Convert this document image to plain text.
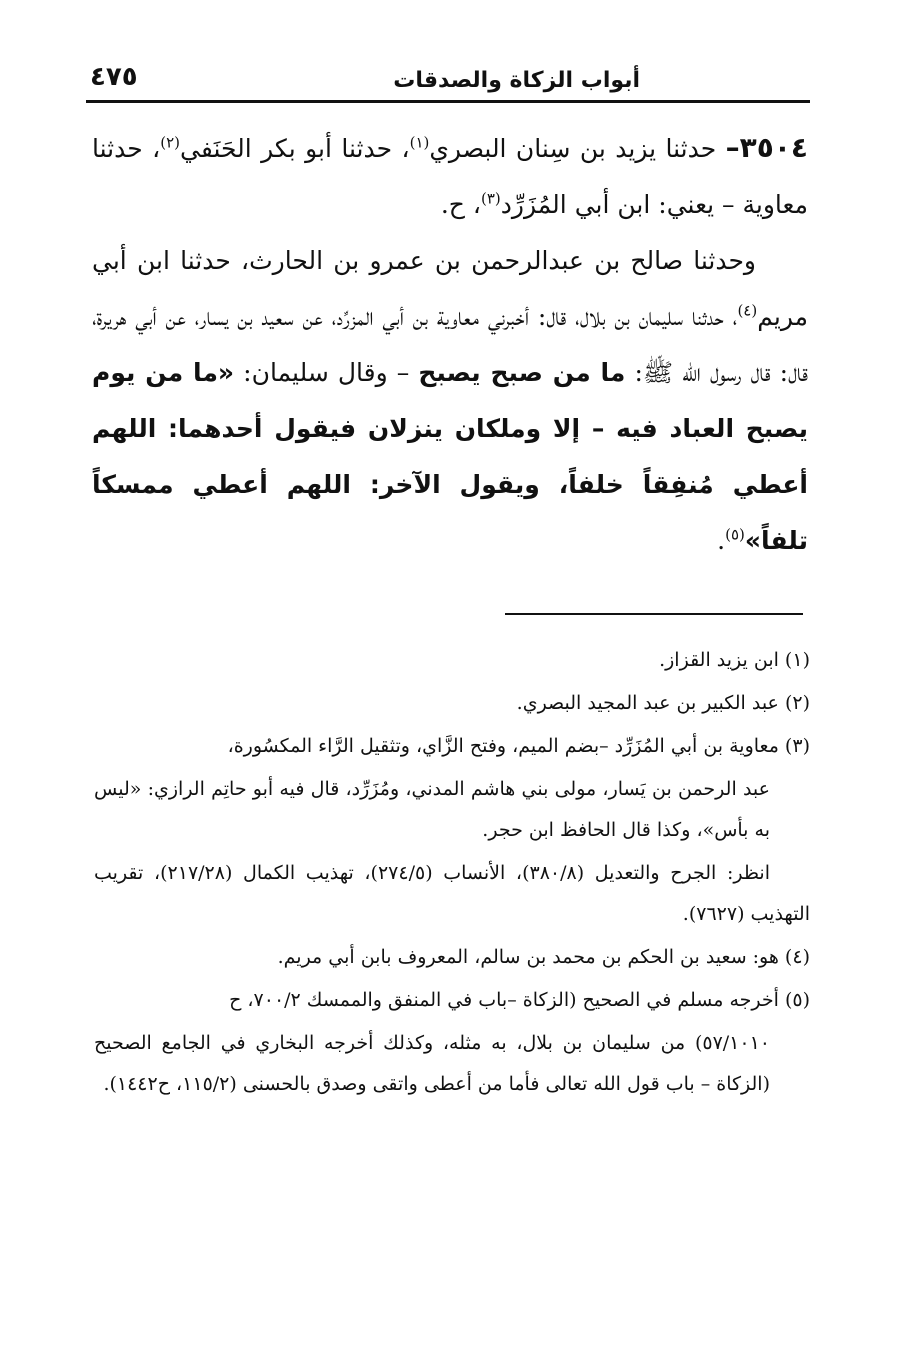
أبواب الزكاة والصدقات
٤٧٥

٣٥٠٤– حدثنا يزيد بن سِنان البصري$^{(١)}$، حدثنا أبو بكر الحَنَفي$^{(٢)}$، حدثنا معاوية – يعني: ابن أبي المُزَرِّد$^{(٣)}$، ح.

وحدثنا صالح بن عبدالرحمن بن عمرو بن الحارث، حدثنا ابن أبي مريم$^{(٤)}$، حدثنا سليمان بن بلال، قال: أخبرني معاوية بن أبي المزرِّد، عن سعيد بن يسار، عن أبي هريرة، قال: قال رسول الله ﷺ: ما من صبح يصبح – وقال سليمان: «ما من يوم يصبح العباد فيه – إلا وملكان ينزلان فيقول أحدهما: اللهم أعطي مُنفِقاً خلفاً، ويقول الآخر: اللهم أعطي ممسكاً تلفاً»$^{(٥)}$.

(١) ابن يزيد القزاز.

(٢) عبد الكبير بن عبد المجيد البصري.

(٣) معاوية بن أبي المُزَرِّد –بضم الميم، وفتح الزَّاي، وتثقيل الرَّاء المكسُورة،

عبد الرحمن بن يَسار، مولى بني هاشم المدني، ومُزَرِّد، قال فيه أبو حاتِم الرازي: «ليس به بأس»، وكذا قال الحافظ ابن حجر.

انظر: الجرح والتعديل (٣٨٠/٨)، الأنساب (٢٧٤/٥)، تهذيب الكمال (٢١٧/٢٨)، تقريب التهذيب (٧٦٢٧).

(٤) هو: سعيد بن الحكم بن محمد بن سالم، المعروف بابن أبي مريم.

(٥) أخرجه مسلم في الصحيح (الزكاة –باب في المنفق والممسك ٧٠٠/٢، ح

٥٧/١٠١٠) من سليمان بن بلال، به مثله، وكذلك أخرجه البخاري في الجامع الصحيح (الزكاة – باب قول الله تعالى فأما من أعطى واتقى وصدق بالحسنى (١١٥/٢، ح١٤٤٢).
